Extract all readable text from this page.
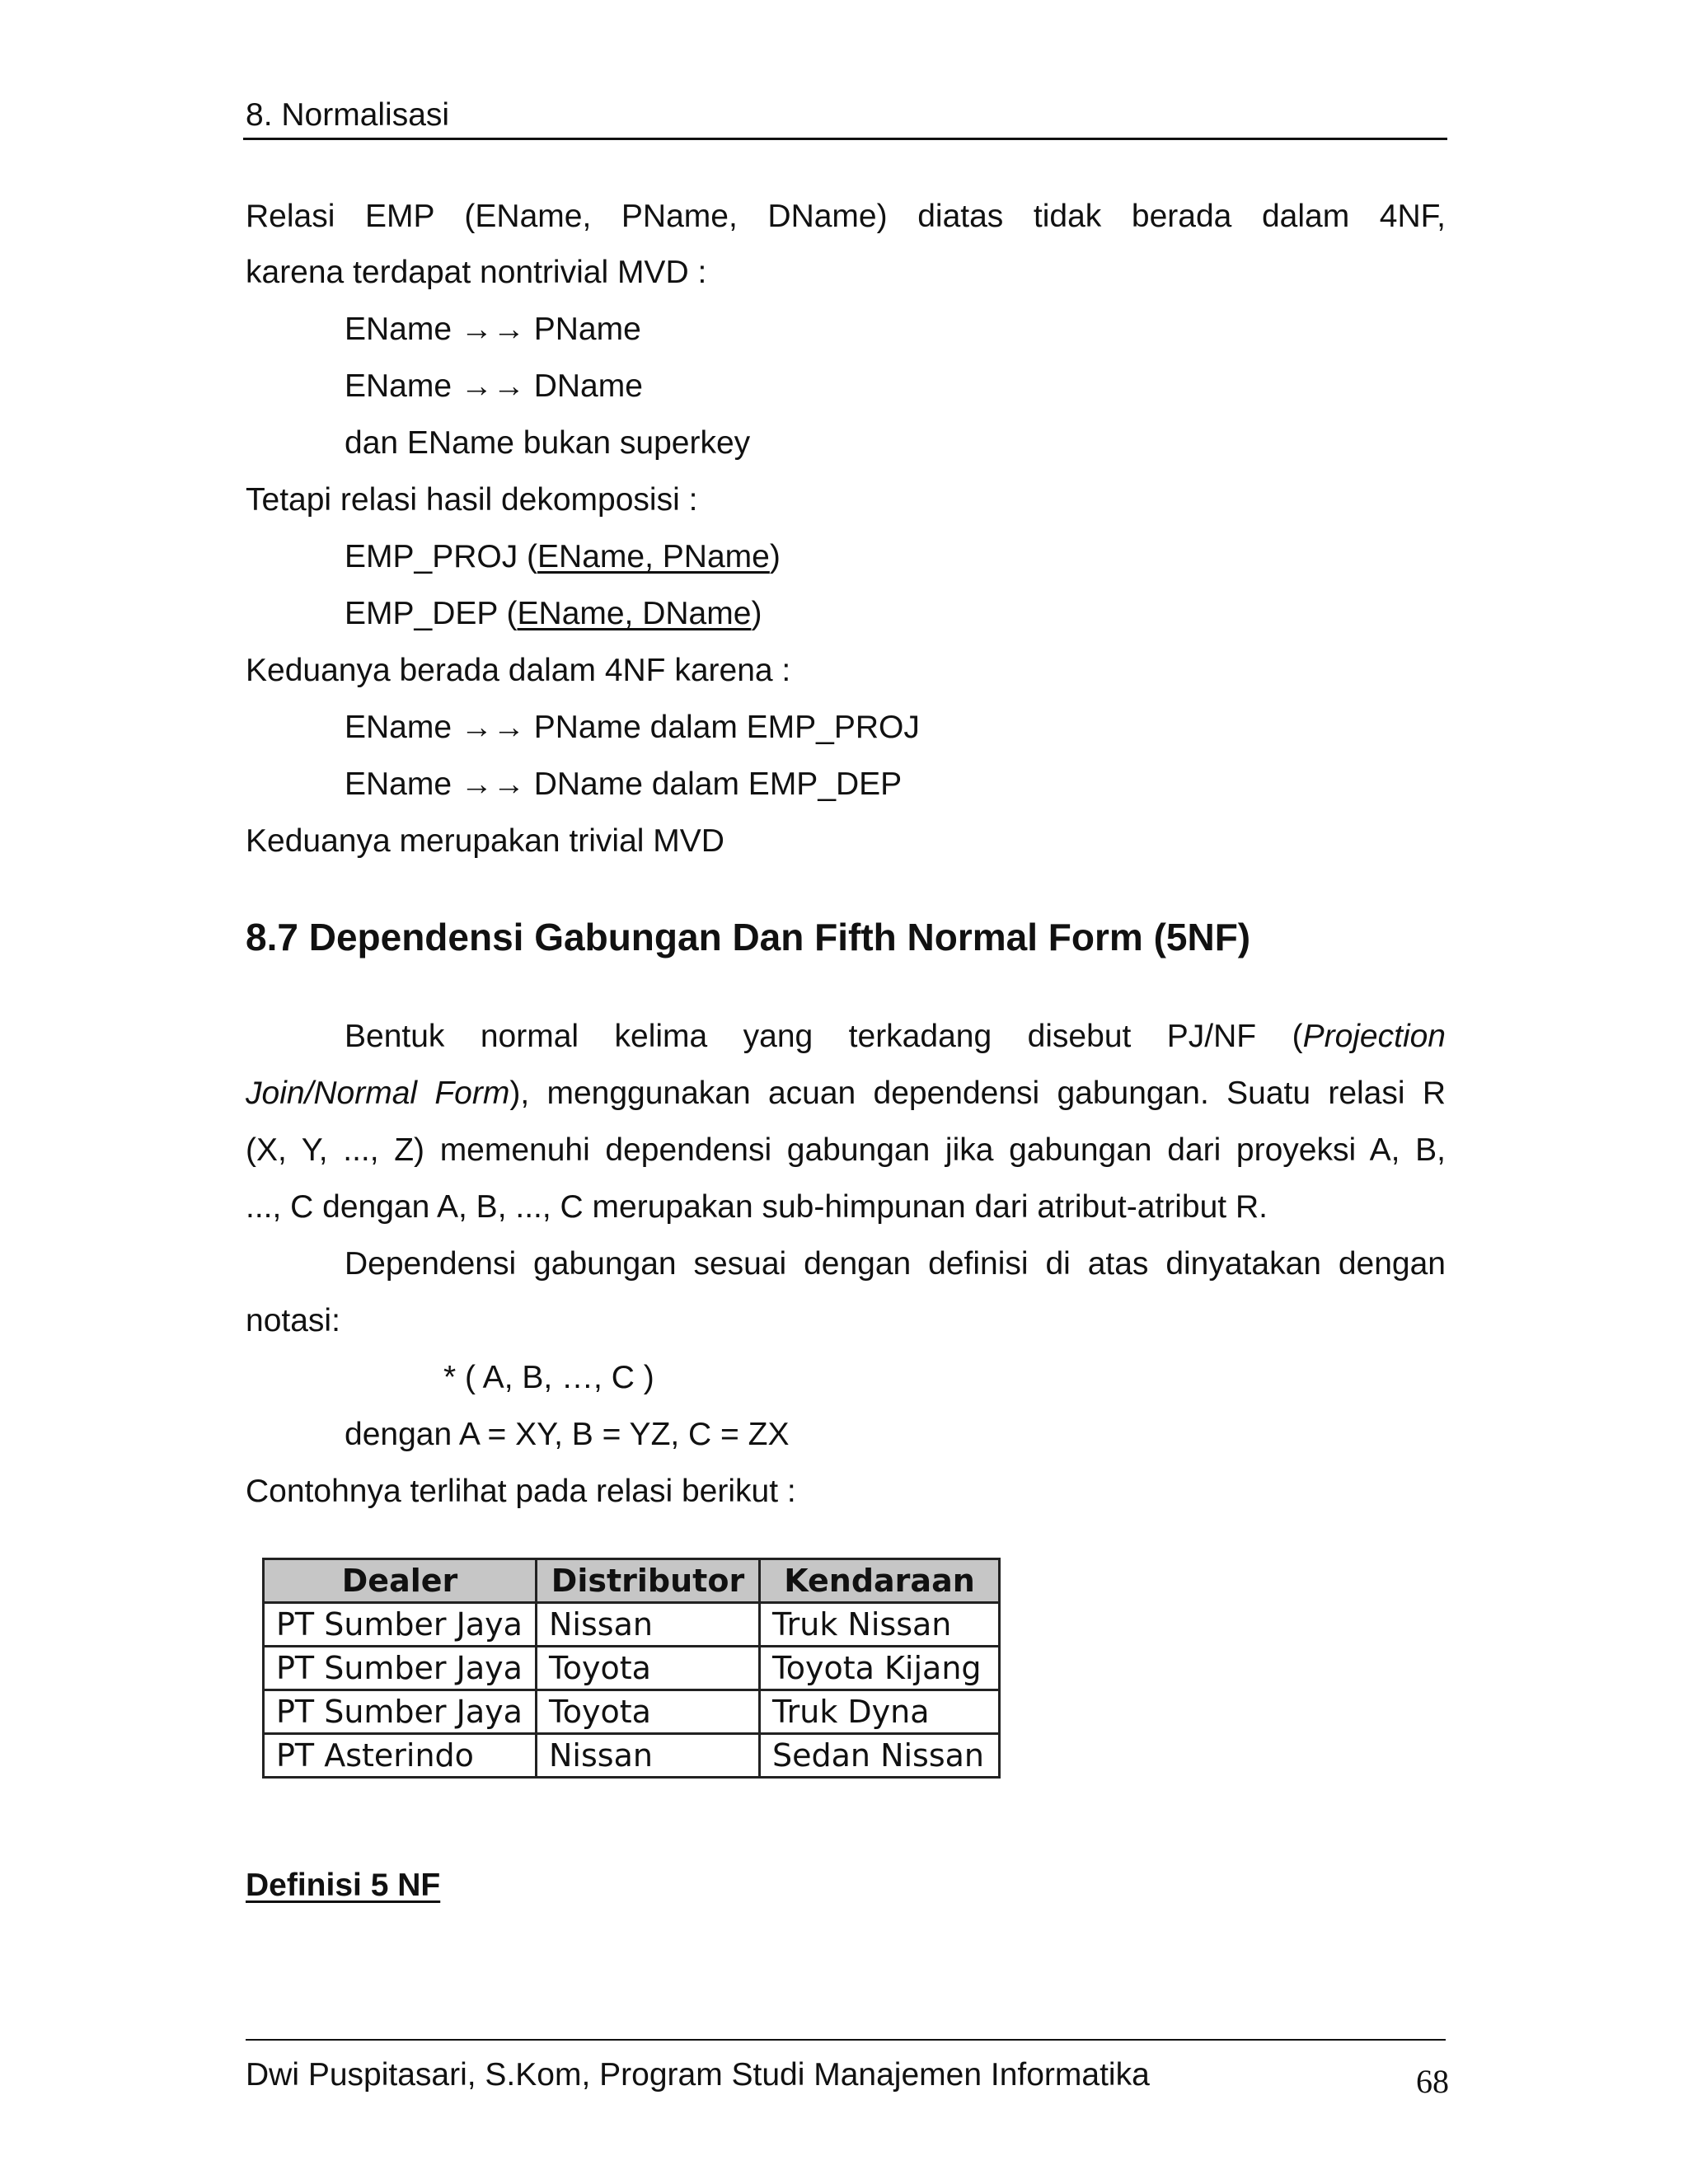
8. Normalisasi
Relasi EMP (EName, PName, DName) diatas tidak berada dalam 4NF,
karena terdapat nontrivial MVD :
EName →→ PName
EName →→ DName
dan EName bukan superkey
Tetapi relasi hasil dekomposisi :
EMP_PROJ (EName, PName)
EMP_DEP (EName, DName)
Keduanya berada dalam 4NF karena :
EName →→ PName dalam EMP_PROJ
EName →→ DName dalam EMP_DEP
Keduanya merupakan trivial MVD
8.7 Dependensi Gabungan Dan Fifth Normal Form (5NF)
Bentuk normal kelima yang terkadang disebut PJ/NF (Projection
Join/Normal Form), menggunakan acuan dependensi gabungan. Suatu relasi R
(X, Y, ..., Z) memenuhi dependensi gabungan jika gabungan dari proyeksi A, B,
..., C dengan A, B, ..., C merupakan sub-himpunan dari atribut-atribut R.
Dependensi gabungan sesuai dengan definisi di atas dinyatakan dengan
notasi:
* ( A, B, …, C )
dengan A = XY, B = YZ, C = ZX
Contohnya terlihat pada relasi berikut :
Dealer	Distributor	Kendaraan
PT Sumber Jaya	Nissan	Truk Nissan
PT Sumber Jaya	Toyota	Toyota Kijang
PT Sumber Jaya	Toyota	Truk Dyna
PT Asterindo	Nissan	Sedan Nissan
Definisi 5 NF
Dwi Puspitasari, S.Kom, Program Studi Manajemen Informatika	68
